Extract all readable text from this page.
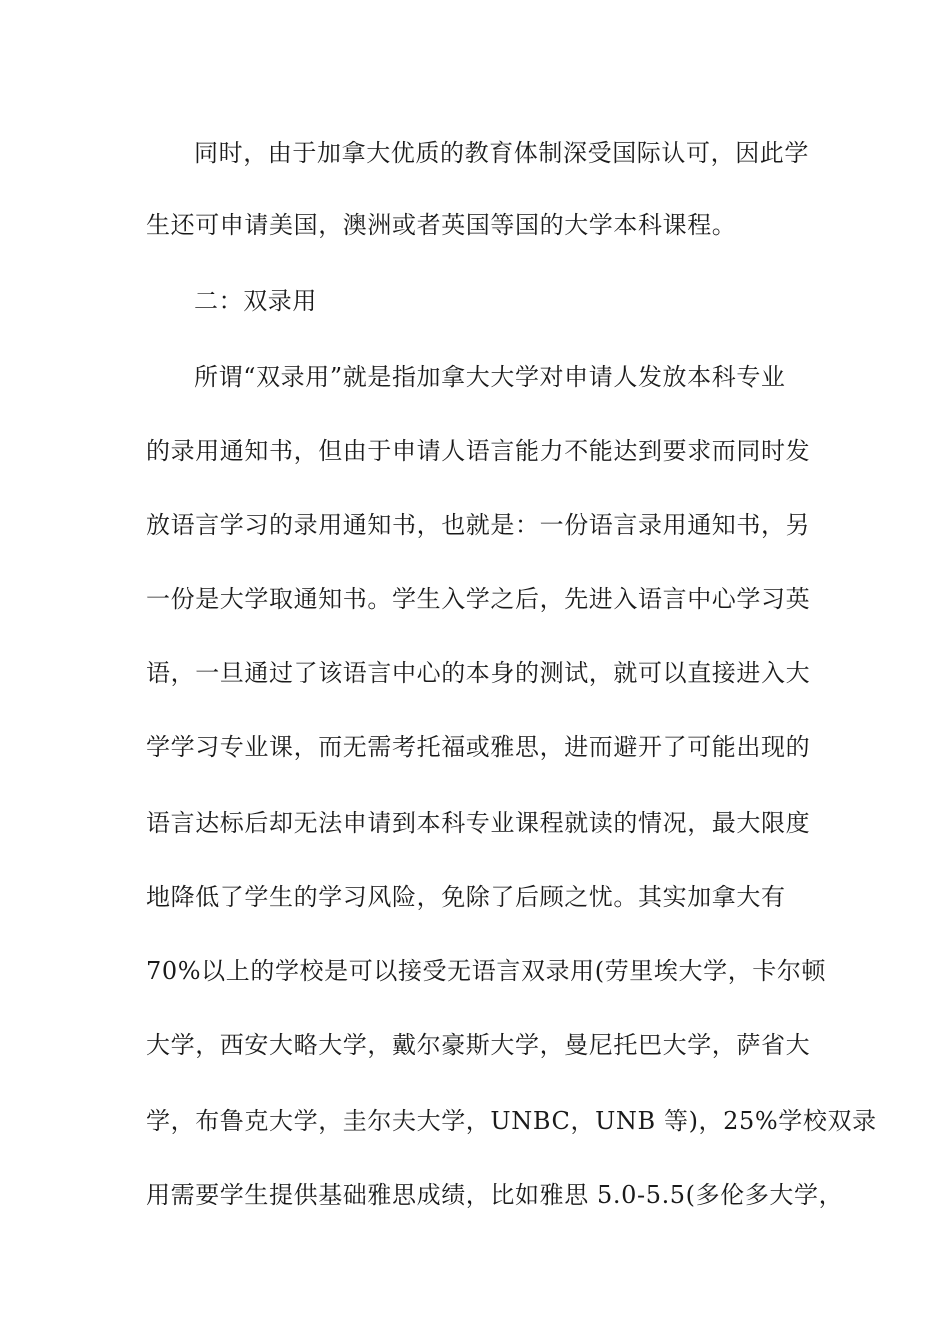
同时，由于加拿大优质的教育体制深受国际认可，因此学
生还可申请美国，澳洲或者英国等国的大学本科课程。
二：双录用
所谓“双录用”就是指加拿大大学对申请人发放本科专业
的录用通知书，但由于申请人语言能力不能达到要求而同时发
放语言学习的录用通知书，也就是：一份语言录用通知书，另
一份是大学取通知书。学生入学之后，先进入语言中心学习英
语，一旦通过了该语言中心的本身的测试，就可以直接进入大
学学习专业课，而无需考托福或雅思，进而避开了可能出现的
语言达标后却无法申请到本科专业课程就读的情况，最大限度
地降低了学生的学习风险，免除了后顾之忧。其实加拿大有
70%以上的学校是可以接受无语言双录用(劳里埃大学，卡尔顿
大学，西安大略大学，戴尔豪斯大学，曼尼托巴大学，萨省大
学，布鲁克大学，圭尔夫大学，UNBC，UNB 等)，25%学校双录
用需要学生提供基础雅思成绩，比如雅思 5.0-5.5(多伦多大学，
